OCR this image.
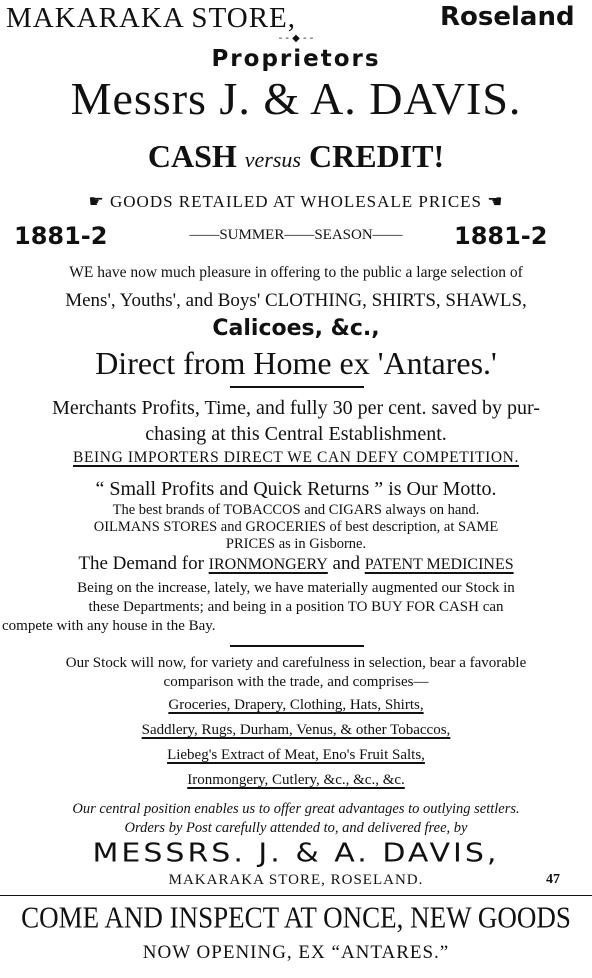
MAKARAKA STORE,	Roseland
- - ◆ - -
Proprietors
Messrs J. & A. DAVIS.
CASH versus CREDIT!
☛ GOODS RETAILED AT WHOLESALE PRICES ☚
1881-2	——SUMMER——SEASON——	1881-2
WE have now much pleasure in offering to the public a large selection of
Mens', Youths', and Boys' CLOTHING, SHIRTS, SHAWLS,
Calicoes, &c.,
Direct from Home ex 'Antares.'
Merchants Profits, Time, and fully 30 per cent. saved by pur-
chasing at this Central Establishment.
BEING IMPORTERS DIRECT WE CAN DEFY COMPETITION.
“ Small Profits and Quick Returns ” is Our Motto.
The best brands of TOBACCOS and CIGARS always on hand.
OILMANS STORES and GROCERIES of best description, at SAME
PRICES as in Gisborne.
The Demand for IRONMONGERY and PATENT MEDICINES
Being on the increase, lately, we have materially augmented our Stock in
these Departments; and being in a position TO BUY FOR CASH can
compete with any house in the Bay.
Our Stock will now, for variety and carefulness in selection, bear a favorable
comparison with the trade, and comprises—
Groceries, Drapery, Clothing, Hats, Shirts,
Saddlery, Rugs, Durham, Venus, & other Tobaccos,
Liebeg's Extract of Meat, Eno's Fruit Salts,
Ironmongery, Cutlery, &c., &c., &c.
Our central position enables us to offer great advantages to outlying settlers.
Orders by Post carefully attended to, and delivered free, by
MESSRS. J. & A. DAVIS,
MAKARAKA STORE, ROSELAND.	47
COME AND INSPECT AT ONCE, NEW GOODS
NOW OPENING, EX “ANTARES.”
